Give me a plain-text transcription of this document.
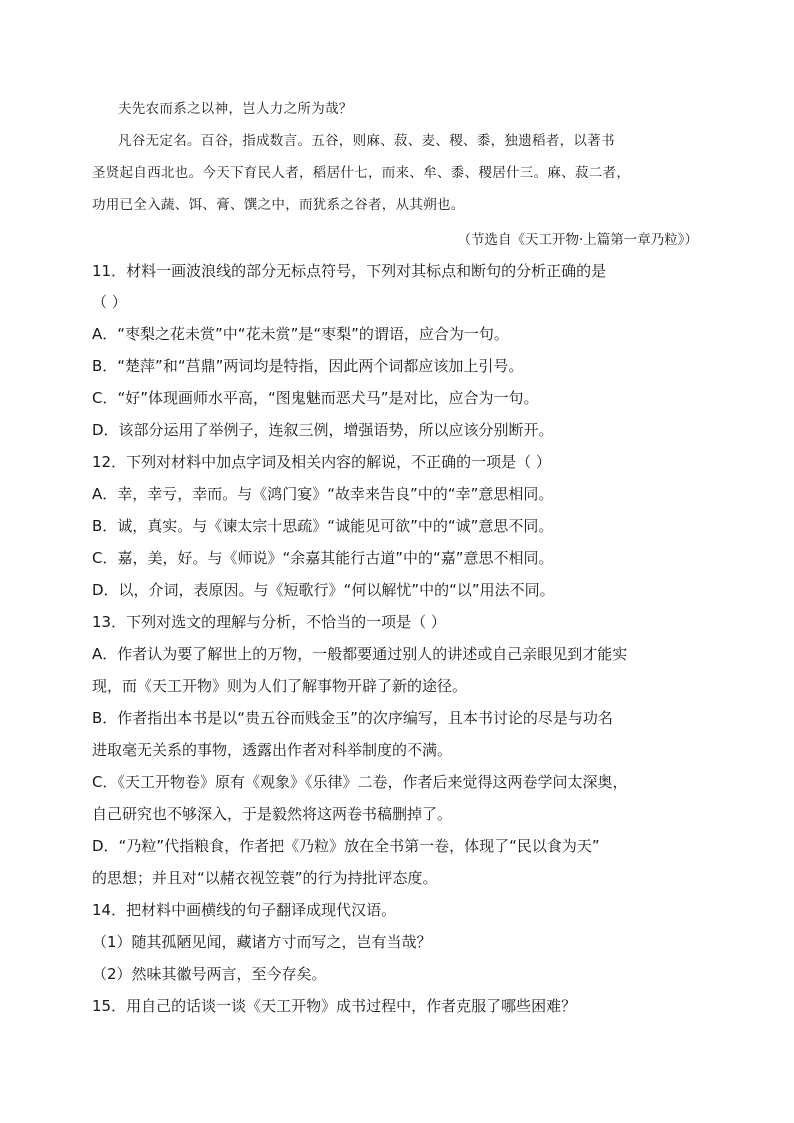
夫先农而系之以神，岂人力之所为哉？
凡谷无定名。百谷，指成数言。五谷，则麻、菽、麦、稷、黍，独遗稻者，以著书
圣贤起自西北也。今天下育民人者，稻居什七，而来、牟、黍、稷居什三。麻、菽二者，
功用已全入蔬、饵、膏、馔之中，而犹系之谷者，从其朔也。
（节选自《天工开物·上篇第一章乃粒》）
11．材料一画波浪线的部分无标点符号，下列对其标点和断句的分析正确的是
（ ）
A．“枣梨之花未赏”中“花未赏”是“枣梨”的谓语，应合为一句。
B．“楚萍”和“莒鼎”两词均是特指，因此两个词都应该加上引号。
C．“好”体现画师水平高，“图鬼魅而恶犬马”是对比，应合为一句。
D．该部分运用了举例子，连叙三例，增强语势，所以应该分别断开。
12．下列对材料中加点字词及相关内容的解说，不正确的一项是（ ）
A．幸，幸亏，幸而。与《鸿门宴》“故幸来告良”中的“幸”意思相同。
B．诚，真实。与《谏太宗十思疏》“诚能见可欲”中的“诚”意思不同。
C．嘉，美，好。与《师说》“余嘉其能行古道”中的“嘉”意思不相同。
D．以，介词，表原因。与《短歌行》“何以解忧”中的“以”用法不同。
13．下列对选文的理解与分析，不恰当的一项是（ ）
A．作者认为要了解世上的万物，一般都要通过别人的讲述或自己亲眼见到才能实
现，而《天工开物》则为人们了解事物开辟了新的途径。
B．作者指出本书是以“贵五谷而贱金玉”的次序编写，且本书讨论的尽是与功名
进取毫无关系的事物，透露出作者对科举制度的不满。
C．《天工开物卷》原有《观象》《乐律》二卷，作者后来觉得这两卷学问太深奥，
自己研究也不够深入，于是毅然将这两卷书稿删掉了。
D．“乃粒”代指粮食，作者把《乃粒》放在全书第一卷，体现了“民以食为天”
的思想；并且对“以赭衣视笠蓑”的行为持批评态度。
14．把材料中画横线的句子翻译成现代汉语。
（1）随其孤陋见闻，藏诸方寸而写之，岂有当哉？
（2）然味其徽号两言，至今存矣。
15．用自己的话谈一谈《天工开物》成书过程中，作者克服了哪些困难？
